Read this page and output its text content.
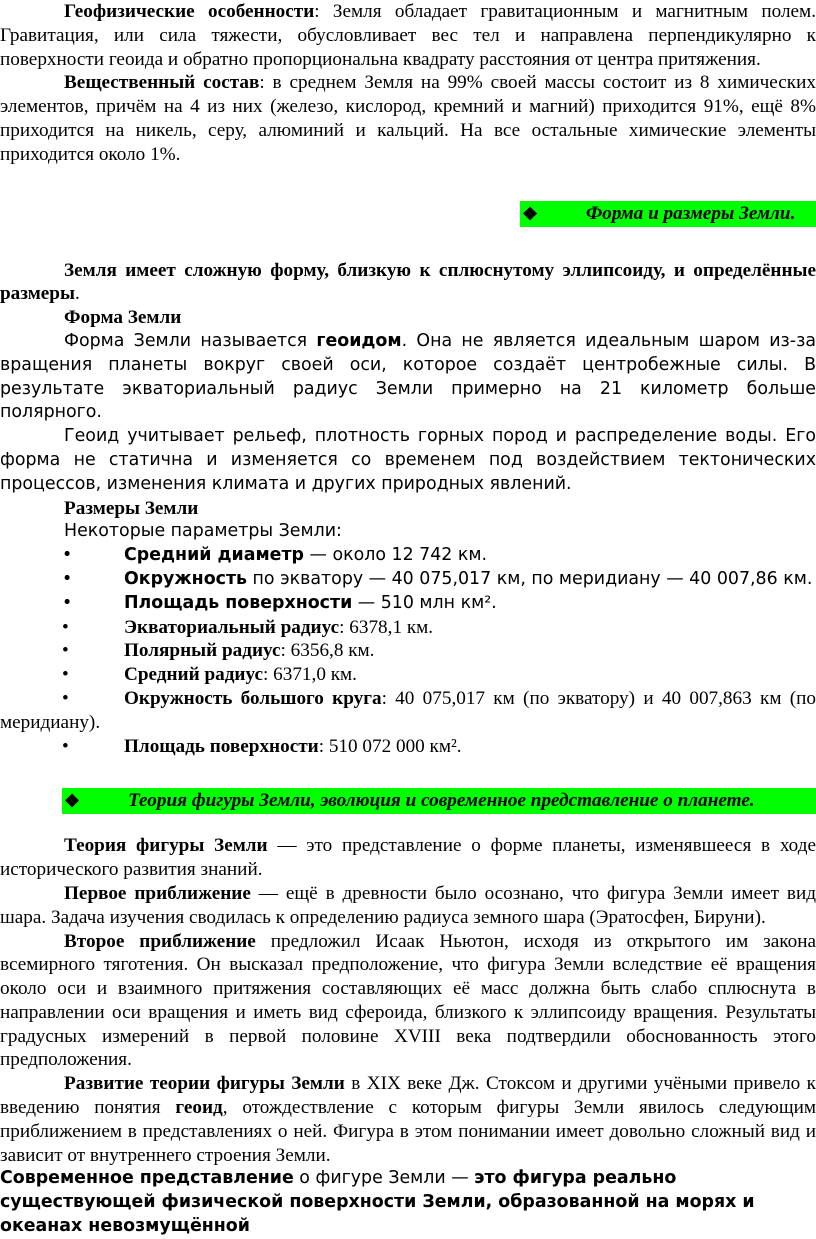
Геофизические особенности: Земля обладает гравитационным и магнитным полем. Гравитация, или сила тяжести, обусловливает вес тел и направлена перпендикулярно к поверхности геоида и обратно пропорциональна квадрату расстояния от центра притяжения.

Вещественный состав: в среднем Земля на 99% своей массы состоит из 8 химических элементов, причём на 4 из них (железо, кислород, кремний и магний) приходится 91%, ещё 8% приходится на никель, серу, алюминий и кальций. На все остальные химические элементы приходится около 1%.

❖ Форма и размеры Земли.

Земля имеет сложную форму, близкую к сплюснутому эллипсоиду, и определённые размеры.

Форма Земли

Форма Земли называется геоидом. Она не является идеальным шаром из-за вращения планеты вокруг своей оси, которое создаёт центробежные силы. В результате экваториальный радиус Земли примерно на 21 километр больше полярного.

Геоид учитывает рельеф, плотность горных пород и распределение воды. Его форма не статична и изменяется со временем под воздействием тектонических процессов, изменения климата и других природных явлений.

Размеры Земли

Некоторые параметры Земли:

•	Средний диаметр — около 12 742 км.
•	Окружность по экватору — 40 075,017 км, по меридиану — 40 007,86 км.
•	Площадь поверхности — 510 млн км².
•	Экваториальный радиус: 6378,1 км.
•	Полярный радиус: 6356,8 км.
•	Средний радиус: 6371,0 км.
•	Окружность большого круга: 40 075,017 км (по экватору) и 40 007,863 км (по меридиану).
•	Площадь поверхности: 510 072 000 км².
❖ Теория фигуры Земли, эволюция и современное представление о планете.

Теория фигуры Земли — это представление о форме планеты, изменявшееся в ходе исторического развития знаний.

Первое приближение — ещё в древности было осознано, что фигура Земли имеет вид шара. Задача изучения сводилась к определению радиуса земного шара (Эратосфен, Бируни).

Второе приближение предложил Исаак Ньютон, исходя из открытого им закона всемирного тяготения. Он высказал предположение, что фигура Земли вследствие её вращения около оси и взаимного притяжения составляющих её масс должна быть слабо сплюснута в направлении оси вращения и иметь вид сфероида, близкого к эллипсоиду вращения. Результаты градусных измерений в первой половине XVIII века подтвердили обоснованность этого предположения.

Развитие теории фигуры Земли в XIX веке Дж. Стоксом и другими учёными привело к введению понятия геоид, отождествление с которым фигуры Земли явилось следующим приближением в представлениях о ней. Фигура в этом понимании имеет довольно сложный вид и зависит от внутреннего строения Земли.

Современное представление о фигуре Земли — это фигура реально существующей физической поверхности Земли, образованной на морях и океанах невозмущённой
